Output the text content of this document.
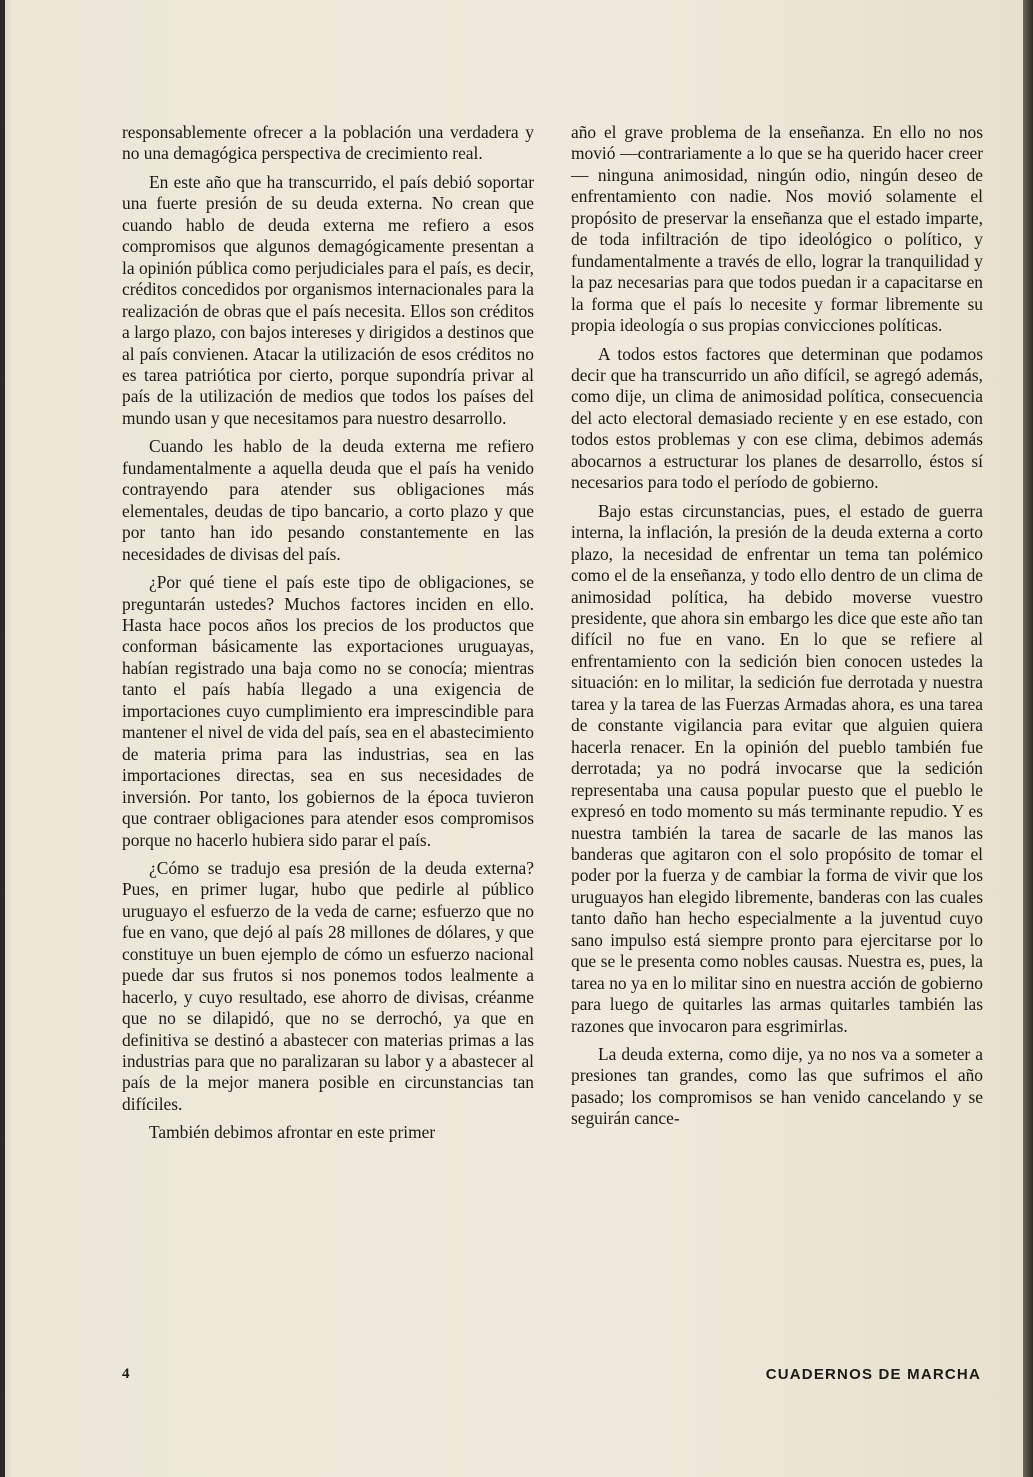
responsablemente ofrecer a la población una verdadera y no una demagógica perspectiva de crecimiento real.

En este año que ha transcurrido, el país debió soportar una fuerte presión de su deuda externa. No crean que cuando hablo de deuda externa me refiero a esos compromisos que algunos demagógicamente presentan a la opinión pública como perjudiciales para el país, es decir, créditos concedidos por organismos internacionales para la realización de obras que el país necesita. Ellos son créditos a largo plazo, con bajos intereses y dirigidos a destinos que al país convienen. Atacar la utilización de esos créditos no es tarea patriótica por cierto, porque supondría privar al país de la utilización de medios que todos los países del mundo usan y que necesitamos para nuestro desarrollo.

Cuando les hablo de la deuda externa me refiero fundamentalmente a aquella deuda que el país ha venido contrayendo para atender sus obligaciones más elementales, deudas de tipo bancario, a corto plazo y que por tanto han ido pesando constantemente en las necesidades de divisas del país.

¿Por qué tiene el país este tipo de obligaciones, se preguntarán ustedes? Muchos factores inciden en ello. Hasta hace pocos años los precios de los productos que conforman básicamente las exportaciones uruguayas, habían registrado una baja como no se conocía; mientras tanto el país había llegado a una exigencia de importaciones cuyo cumplimiento era imprescindible para mantener el nivel de vida del país, sea en el abastecimiento de materia prima para las industrias, sea en las importaciones directas, sea en sus necesidades de inversión. Por tanto, los gobiernos de la época tuvieron que contraer obligaciones para atender esos compromisos porque no hacerlo hubiera sido parar el país.

¿Cómo se tradujo esa presión de la deuda externa? Pues, en primer lugar, hubo que pedirle al público uruguayo el esfuerzo de la veda de carne; esfuerzo que no fue en vano, que dejó al país 28 millones de dólares, y que constituye un buen ejemplo de cómo un esfuerzo nacional puede dar sus frutos si nos ponemos todos lealmente a hacerlo, y cuyo resultado, ese ahorro de divisas, créanme que no se dilapidó, que no se derrochó, ya que en definitiva se destinó a abastecer con materias primas a las industrias para que no paralizaran su labor y a abastecer al país de la mejor manera posible en circunstancias tan difíciles.

También debimos afrontar en este primer

año el grave problema de la enseñanza. En ello no nos movió —contrariamente a lo que se ha querido hacer creer— ninguna animosidad, ningún odio, ningún deseo de enfrentamiento con nadie. Nos movió solamente el propósito de preservar la enseñanza que el estado imparte, de toda infiltración de tipo ideológico o político, y fundamentalmente a través de ello, lograr la tranquilidad y la paz necesarias para que todos puedan ir a capacitarse en la forma que el país lo necesite y formar libremente su propia ideología o sus propias convicciones políticas.

A todos estos factores que determinan que podamos decir que ha transcurrido un año difícil, se agregó además, como dije, un clima de animosidad política, consecuencia del acto electoral demasiado reciente y en ese estado, con todos estos problemas y con ese clima, debimos además abocarnos a estructurar los planes de desarrollo, éstos sí necesarios para todo el período de gobierno.

Bajo estas circunstancias, pues, el estado de guerra interna, la inflación, la presión de la deuda externa a corto plazo, la necesidad de enfrentar un tema tan polémico como el de la enseñanza, y todo ello dentro de un clima de animosidad política, ha debido moverse vuestro presidente, que ahora sin embargo les dice que este año tan difícil no fue en vano. En lo que se refiere al enfrentamiento con la sedición bien conocen ustedes la situación: en lo militar, la sedición fue derrotada y nuestra tarea y la tarea de las Fuerzas Armadas ahora, es una tarea de constante vigilancia para evitar que alguien quiera hacerla renacer. En la opinión del pueblo también fue derrotada; ya no podrá invocarse que la sedición representaba una causa popular puesto que el pueblo le expresó en todo momento su más terminante repudio. Y es nuestra también la tarea de sacarle de las manos las banderas que agitaron con el solo propósito de tomar el poder por la fuerza y de cambiar la forma de vivir que los uruguayos han elegido libremente, banderas con las cuales tanto daño han hecho especialmente a la juventud cuyo sano impulso está siempre pronto para ejercitarse por lo que se le presenta como nobles causas. Nuestra es, pues, la tarea no ya en lo militar sino en nuestra acción de gobierno para luego de quitarles las armas quitarles también las razones que invocaron para esgrimirlas.

La deuda externa, como dije, ya no nos va a someter a presiones tan grandes, como las que sufrimos el año pasado; los compromisos se han venido cancelando y se seguirán cance-

4	CUADERNOS DE MARCHA
